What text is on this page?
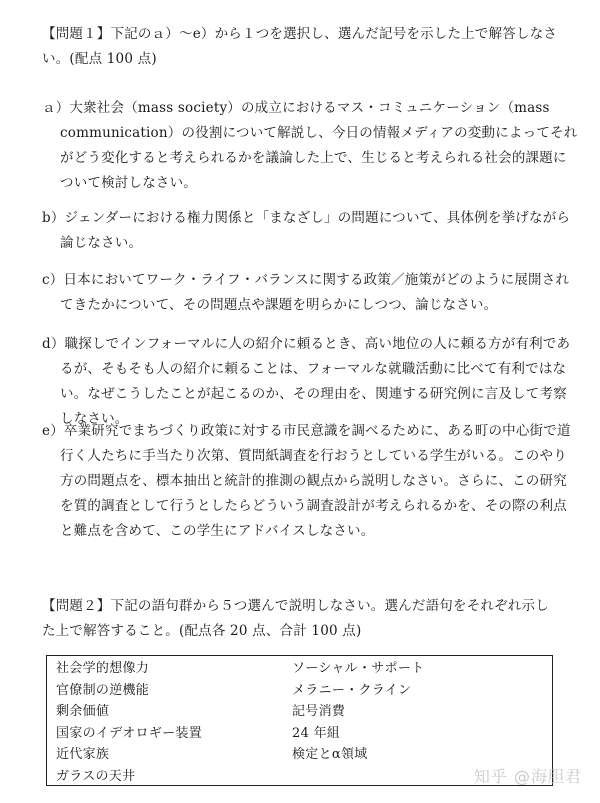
【問題１】下記のａ）〜e）から１つを選択し、選んだ記号を示した上で解答しなさい。(配点 100 点)

ａ）大衆社会（mass society）の成立におけるマス・コミュニケーション（mass communication）の役割について解説し、今日の情報メディアの変動によってそれがどう変化すると考えられるかを議論した上で、生じると考えられる社会的課題について検討しなさい。

b）ジェンダーにおける権力関係と「まなざし」の問題について、具体例を挙げながら論じなさい。

c）日本においてワーク・ライフ・バランスに関する政策／施策がどのように展開されてきたかについて、その問題点や課題を明らかにしつつ、論じなさい。

d）職探しでインフォーマルに人の紹介に頼るとき、高い地位の人に頼る方が有利であるが、そもそも人の紹介に頼ることは、フォーマルな就職活動に比べて有利ではない。なぜこうしたことが起こるのか、その理由を、関連する研究例に言及して考察しなさい。

e）卒業研究でまちづくり政策に対する市民意識を調べるために、ある町の中心街で道行く人たちに手当たり次第、質問紙調査を行おうとしている学生がいる。このやり方の問題点を、標本抽出と統計的推測の観点から説明しなさい。さらに、この研究を質的調査として行うとしたらどういう調査設計が考えられるかを、その際の利点と難点を含めて、この学生にアドバイスしなさい。

【問題２】下記の語句群から５つ選んで説明しなさい。選んだ語句をそれぞれ示した上で解答すること。(配点各 20 点、合計 100 点)

社会学的想像力
官僚制の逆機能
剰余価値
国家のイデオロギー装置
近代家族
ガラスの天井
ソーシャル・サポート
メラニー・クライン
記号消費
24 年組
検定とα領域
知乎 @海胆君
